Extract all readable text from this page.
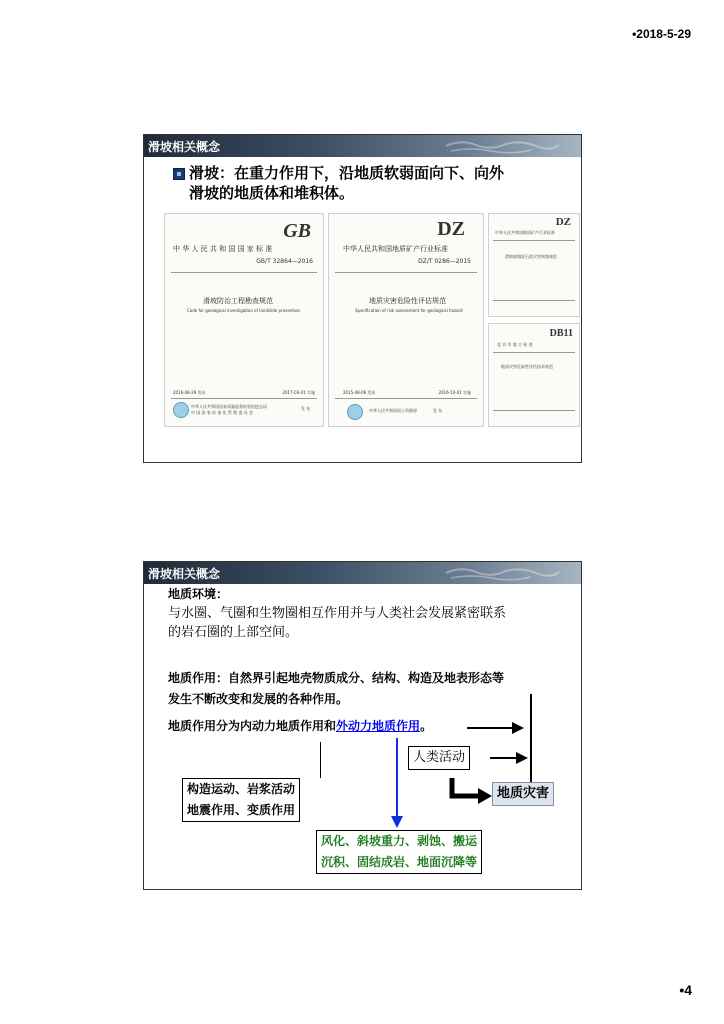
•2018-5-29
滑坡相关概念
滑坡：在重力作用下，沿地质软弱面向下、向外
滑坡的地质体和堆积体。
GB
中 华 人 民 共 和 国 国 家 标 准
GB/T 32864—2016
滑坡防治工程勘查规范
Code for geological investigation of landslide prevention
2016-08-29 发布	2017-03-01 实施
中华人民共和国国家质量监督检验检疫总局
中 国 国 家 标 准 化 管 理 委 员 会
发 布
DZ
中华人民共和国地质矿产行业标准
DZ/T 0286—2015
地质灾害危险性评估规范
Specification of risk assessment for geological hazard
2015-08-06 发布	2016-10-01 实施
中华人民共和国国土资源部	发 布
DZ
中华人民共和国地质矿产行业标准
滑坡崩塌泥石流灾害调查规范
DB11
北 京 市 地 方 标 准
地质灾害危险性评估技术规范
滑坡相关概念
地质环境：
与水圈、气圈和生物圈相互作用并与人类社会发展紧密联系
的岩石圈的上部空间。
地质作用：自然界引起地壳物质成分、结构、构造及地表形态等
发生不断改变和发展的各种作用。
地质作用分为内动力地质作用和外动力地质作用。
人类活动
构造运动、岩浆活动
地震作用、变质作用
地质灾害
风化、斜坡重力、剥蚀、搬运
沉积、固结成岩、地面沉降等
•4
